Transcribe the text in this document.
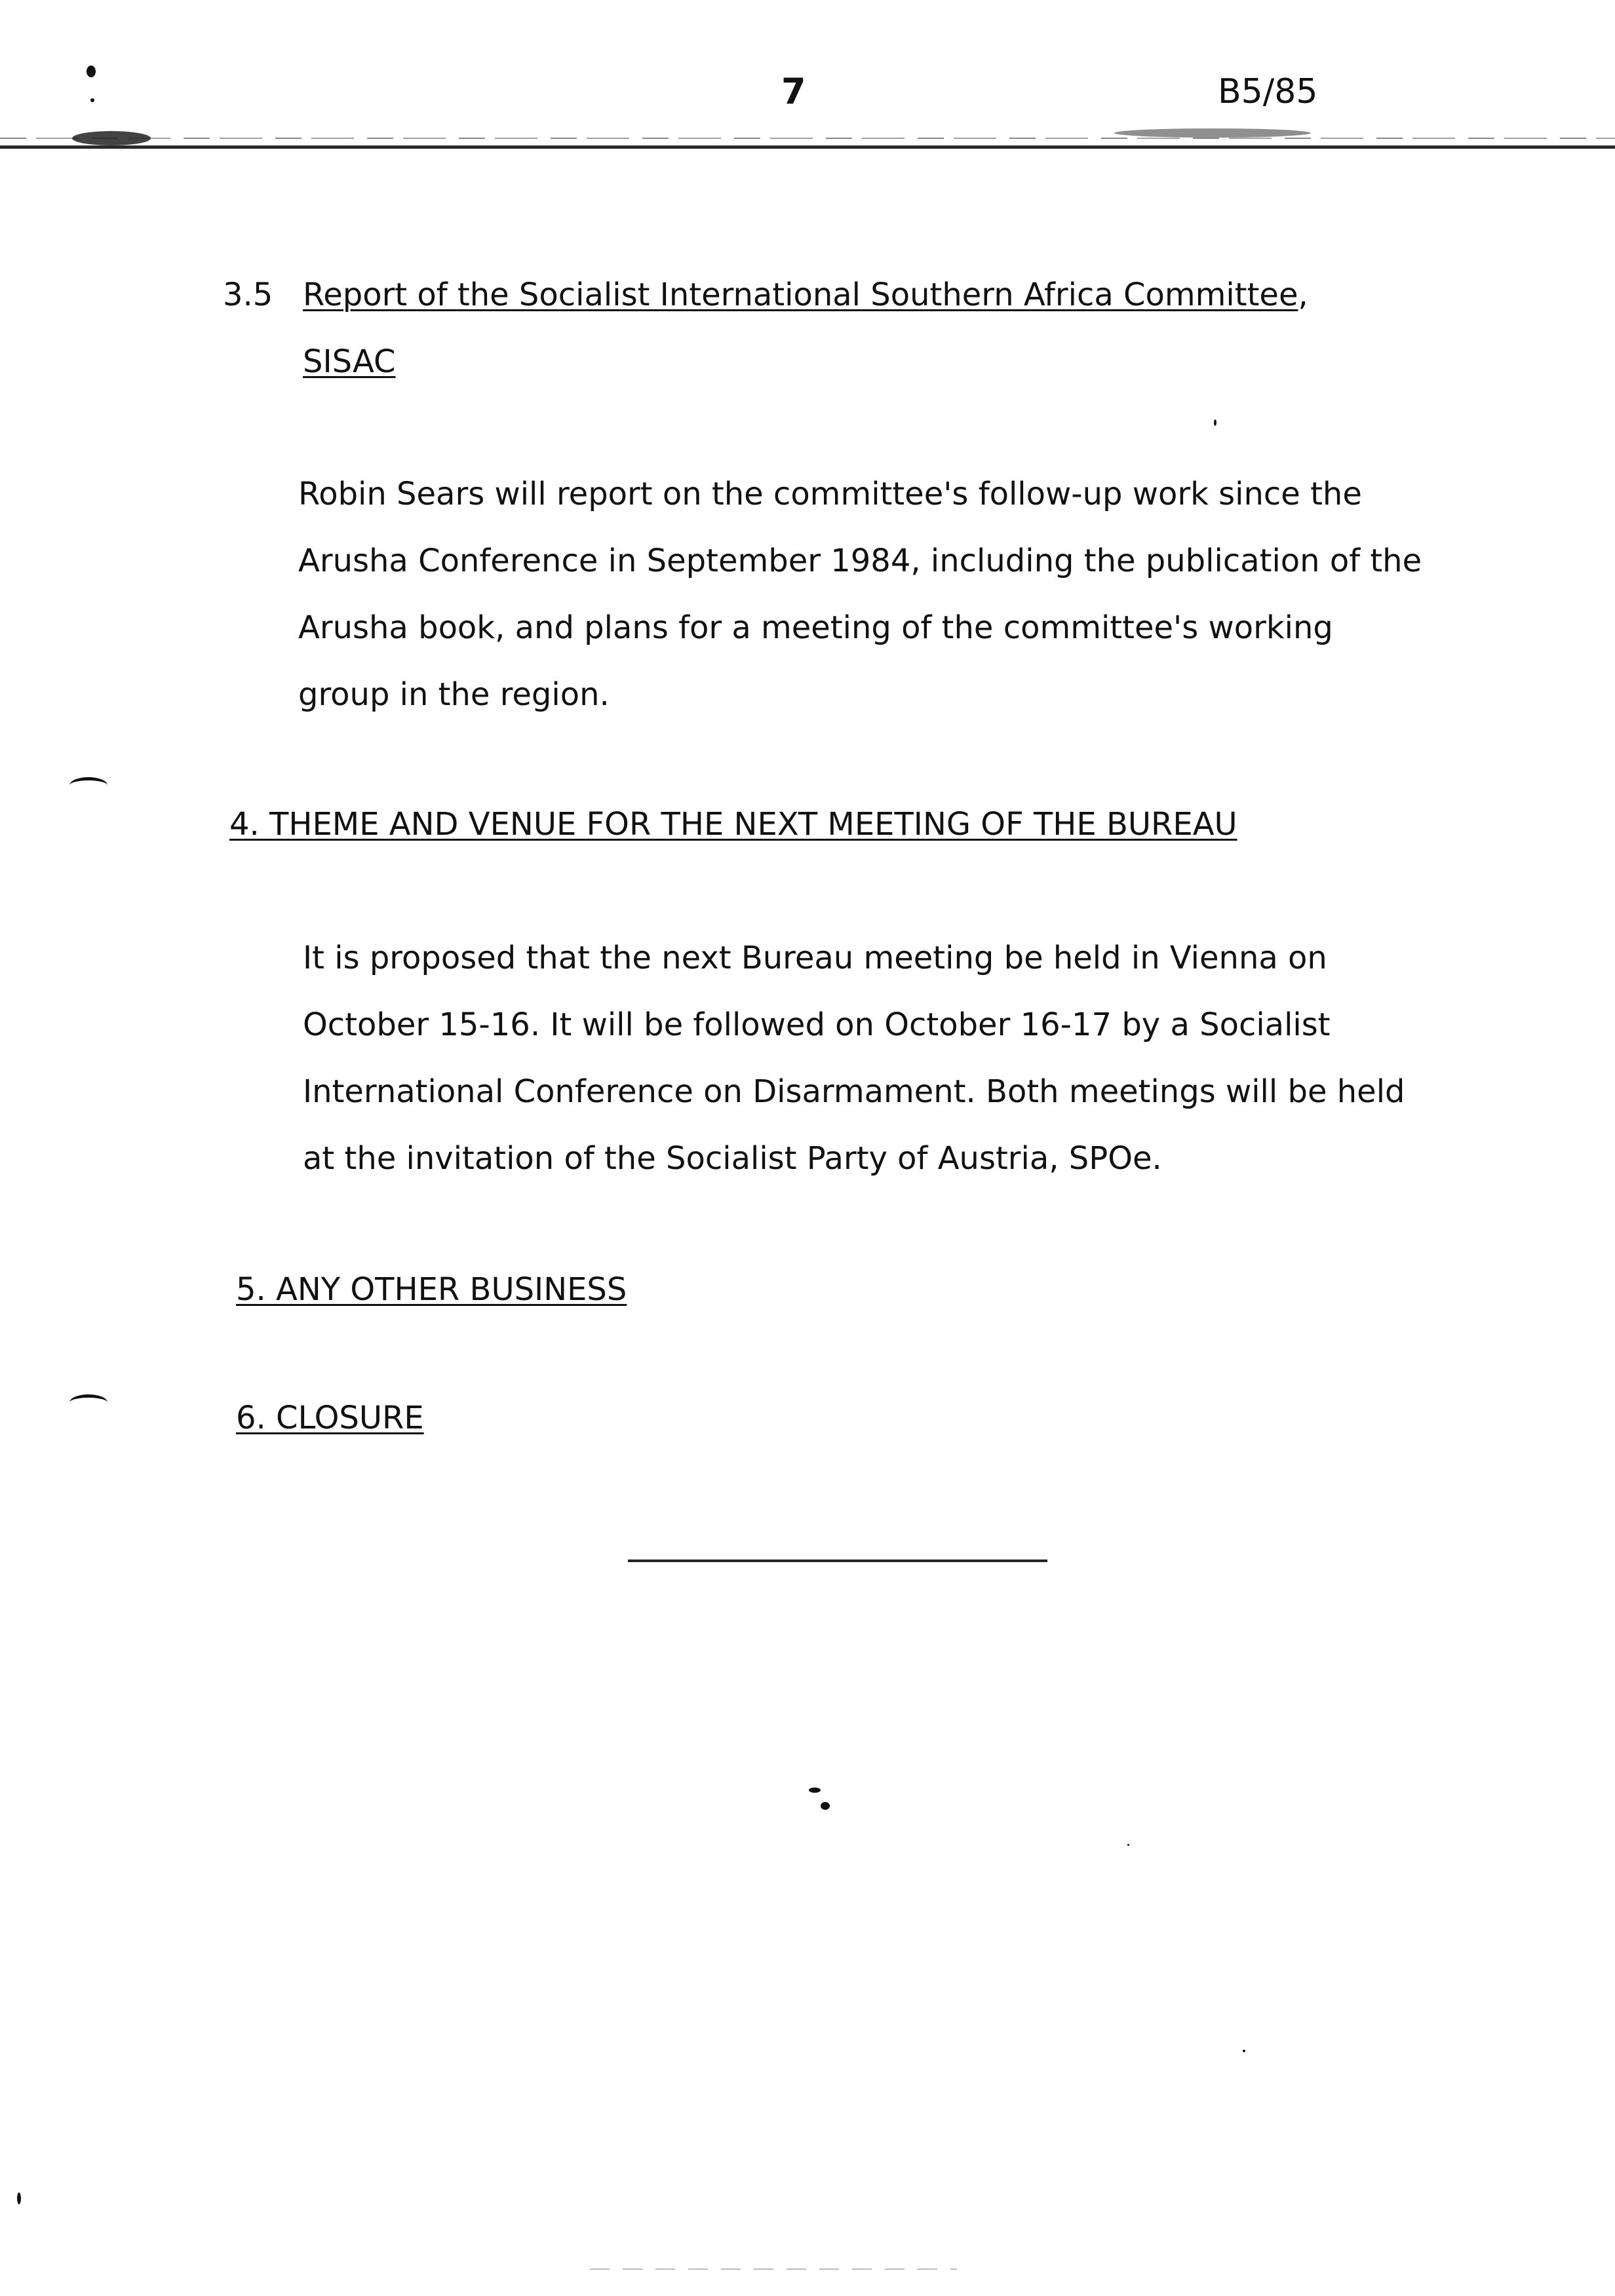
7	B5/85
3.5 Report of the Socialist International Southern Africa Committee,
SISAC
Robin Sears will report on the committee's follow-up work since the
Arusha Conference in September 1984, including the publication of the
Arusha book, and plans for a meeting of the committee's working
group in the region.
4. THEME AND VENUE FOR THE NEXT MEETING OF THE BUREAU
It is proposed that the next Bureau meeting be held in Vienna on
October 15-16. It will be followed on October 16-17 by a Socialist
International Conference on Disarmament. Both meetings will be held
at the invitation of the Socialist Party of Austria, SPOe.
5. ANY OTHER BUSINESS
6. CLOSURE
